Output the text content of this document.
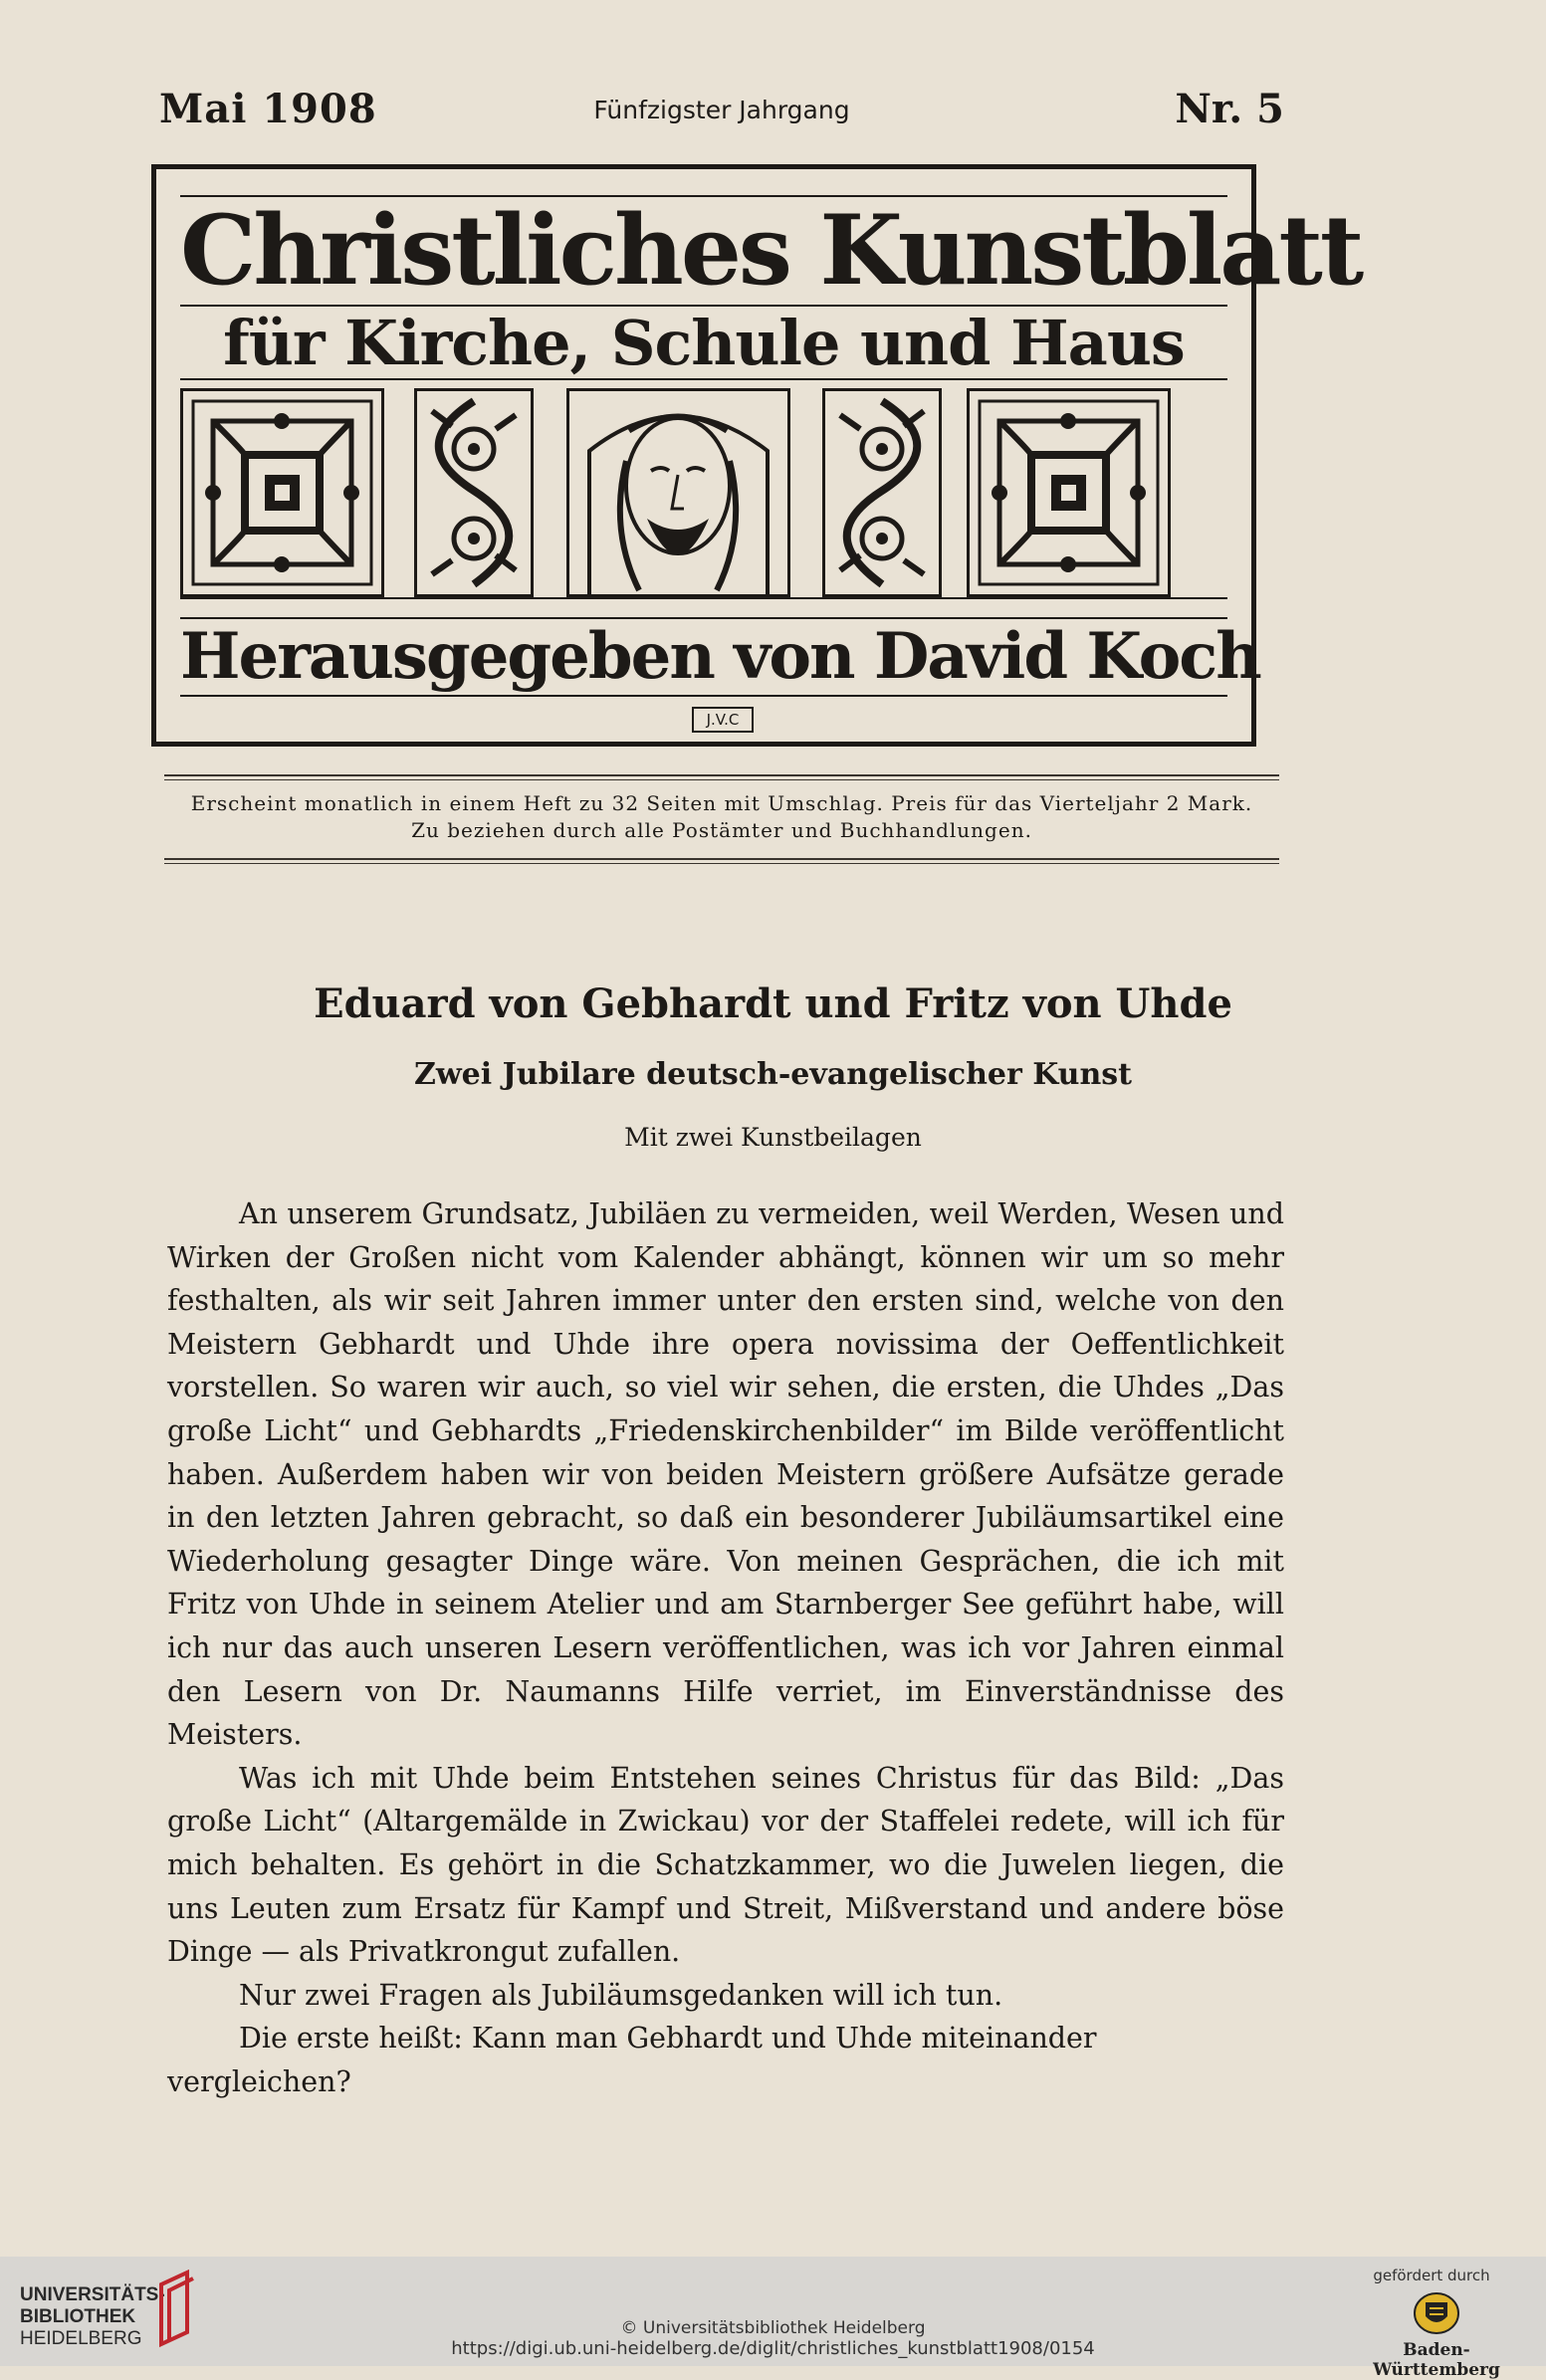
Mai 1908	Fünfzigster Jahrgang	Nr. 5
Christliches Kunstblatt
für Kirche, Schule und Haus
Herausgegeben von David Koch
J.V.C
Erscheint monatlich in einem Heft zu 32 Seiten mit Umschlag. Preis für das Vierteljahr 2 Mark.
Zu beziehen durch alle Postämter und Buchhandlungen.
Eduard von Gebhardt und Fritz von Uhde
Zwei Jubilare deutsch-evangelischer Kunst
Mit zwei Kunstbeilagen

An unserem Grundsatz, Jubiläen zu vermeiden, weil Werden, Wesen und Wirken der Großen nicht vom Kalender abhängt, können wir um so mehr festhalten, als wir seit Jahren immer unter den ersten sind, welche von den Meistern Gebhardt und Uhde ihre opera novissima der Oeffentlichkeit vorstellen. So waren wir auch, so viel wir sehen, die ersten, die Uhdes „Das große Licht“ und Gebhardts „Friedenskirchenbilder“ im Bilde veröffentlicht haben. Außerdem haben wir von beiden Meistern größere Aufsätze gerade in den letzten Jahren gebracht, so daß ein besonderer Jubiläumsartikel eine Wiederholung gesagter Dinge wäre. Von meinen Gesprächen, die ich mit Fritz von Uhde in seinem Atelier und am Starnberger See geführt habe, will ich nur das auch unseren Lesern veröffentlichen, was ich vor Jahren einmal den Lesern von Dr. Naumanns Hilfe verriet, im Einverständnisse des Meisters.

Was ich mit Uhde beim Entstehen seines Christus für das Bild: „Das große Licht“ (Altargemälde in Zwickau) vor der Staffelei redete, will ich für mich behalten. Es gehört in die Schatzkammer, wo die Juwelen liegen, die uns Leuten zum Ersatz für Kampf und Streit, Mißverstand und andere böse Dinge — als Privatkrongut zufallen.

Nur zwei Fragen als Jubiläumsgedanken will ich tun.

Die erste heißt: Kann man Gebhardt und Uhde miteinander vergleichen?

UNIVERSITÄTS-
BIBLIOTHEK
HEIDELBERG	© Universitätsbibliothek Heidelberg
https://digi.ub.uni-heidelberg.de/diglit/christliches_kunstblatt1908/0154
gefördert durch
Baden-Württemberg
